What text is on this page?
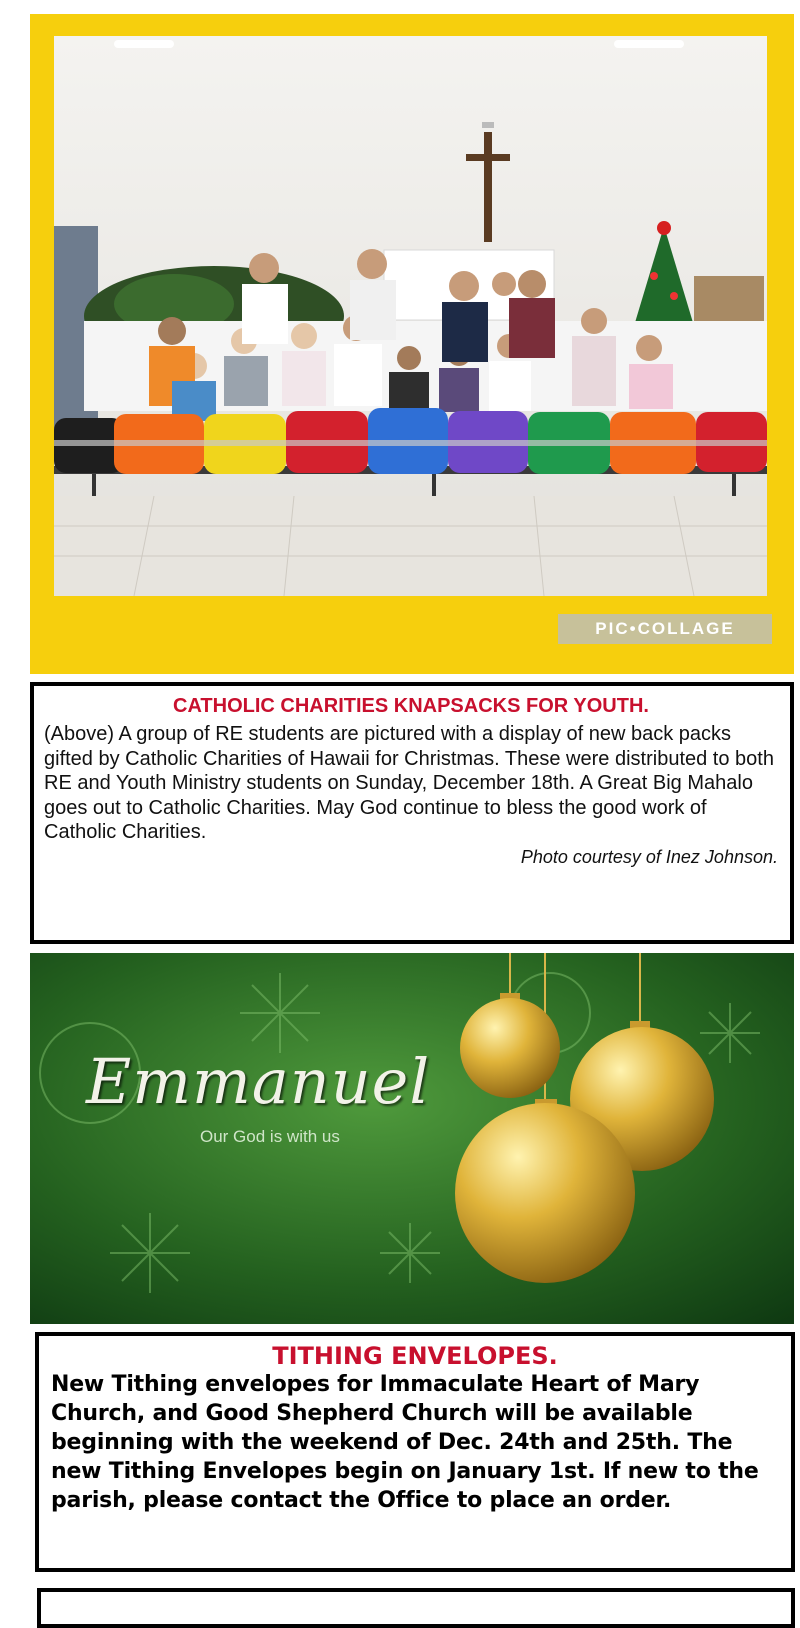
PIC•COLLAGE

CATHOLIC CHARITIES KNAPSACKS FOR YOUTH.

(Above) A group of RE students are pictured with a display of new back packs gifted by Catholic Charities of Hawaii for Christmas. These were distributed to both RE and Youth Ministry students on Sunday, December 18th. A Great Big Mahalo goes out to Catholic Charities. May God continue to bless the good work of Catholic Charities.

Photo courtesy of Inez Johnson.
Emmanuel
Our God is with us

TITHING ENVELOPES.

New Tithing envelopes for Immaculate Heart of Mary Church, and Good Shepherd Church will be available beginning with the weekend of Dec. 24th and 25th. The new Tithing Envelopes begin on January 1st. If new to the parish, please contact the Office to place an order.
